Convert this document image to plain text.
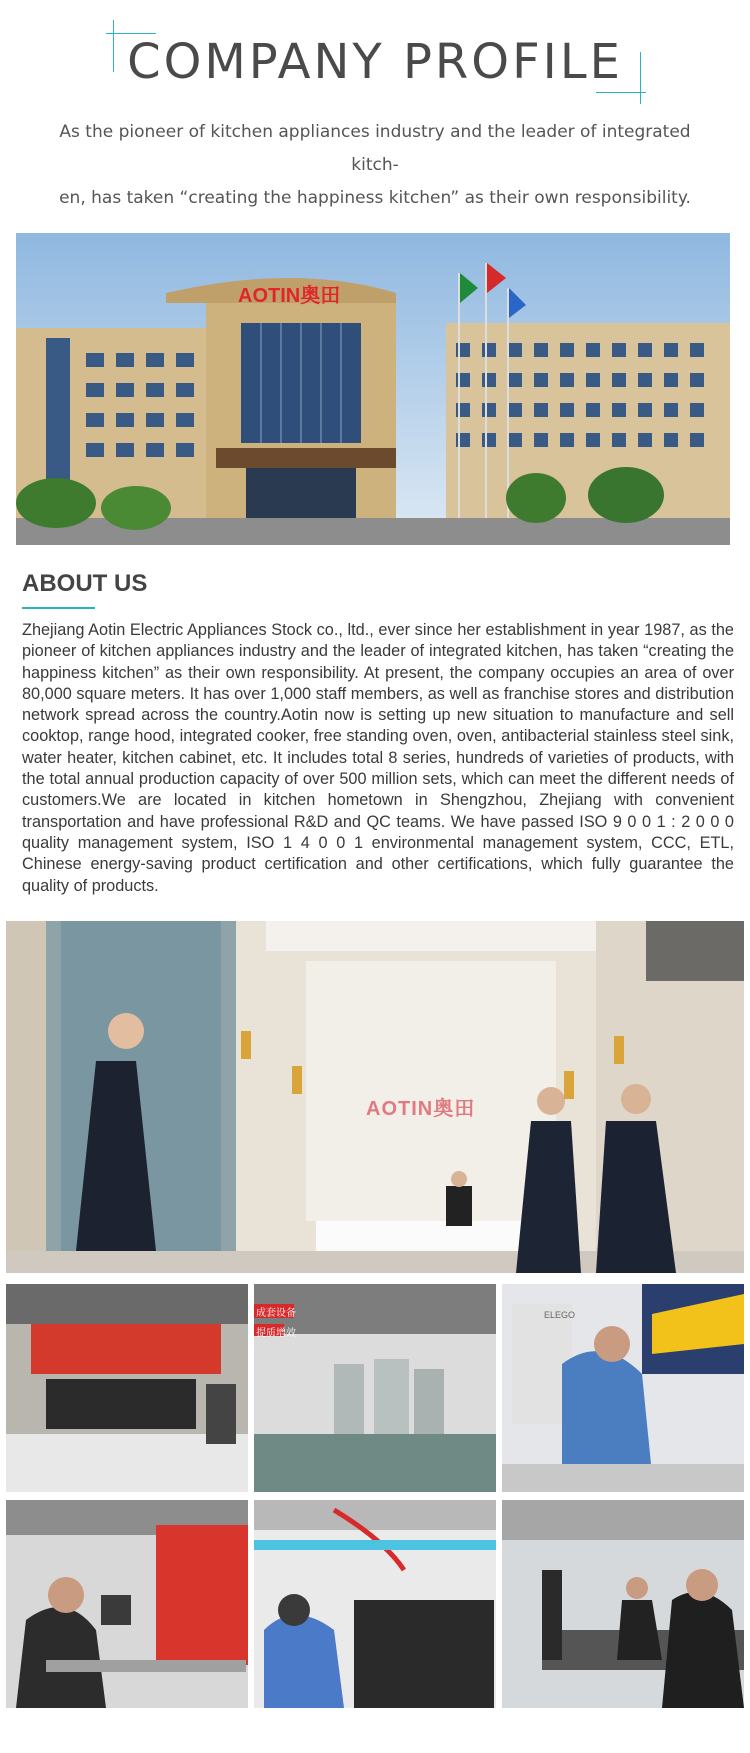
COMPANY PROFILE
As the pioneer of kitchen appliances industry and the leader of integrated kitch-
en, has taken “creating the happiness kitchen” as their own responsibility.
AOTIN奥田
ABOUT US
Zhejiang Aotin Electric Appliances Stock co., ltd., ever since her establishment in year 1987, as the pioneer of kitchen appliances industry and the leader of integrated kitchen, has taken “creating the happiness kitchen” as their own responsibility. At present, the company occupies an area of over 80,000 square meters. It has over 1,000 staff members, as well as franchise stores and distribution network spread across the country.Aotin now is setting up new situation to manufacture and sell cooktop, range hood, integrated cooker, free standing oven, oven, antibacterial stainless steel sink, water heater, kitchen cabinet, etc. It includes total 8 series, hundreds of varieties of products, with the total annual production capacity of over 500 million sets, which can meet the different needs of customers.We are located in kitchen hometown in Shengzhou, Zhejiang with convenient transportation and have professional R&D and QC teams. We have passed ISO 9 0 0 1 : 2 0 0 0 quality management system, ISO 1 4 0 0 1 environmental management system, CCC, ETL, Chinese energy-saving product certification and other certifications, which fully guarantee the quality of products.
AOTIN奥田
成套设备
提质增效
ELEGO
